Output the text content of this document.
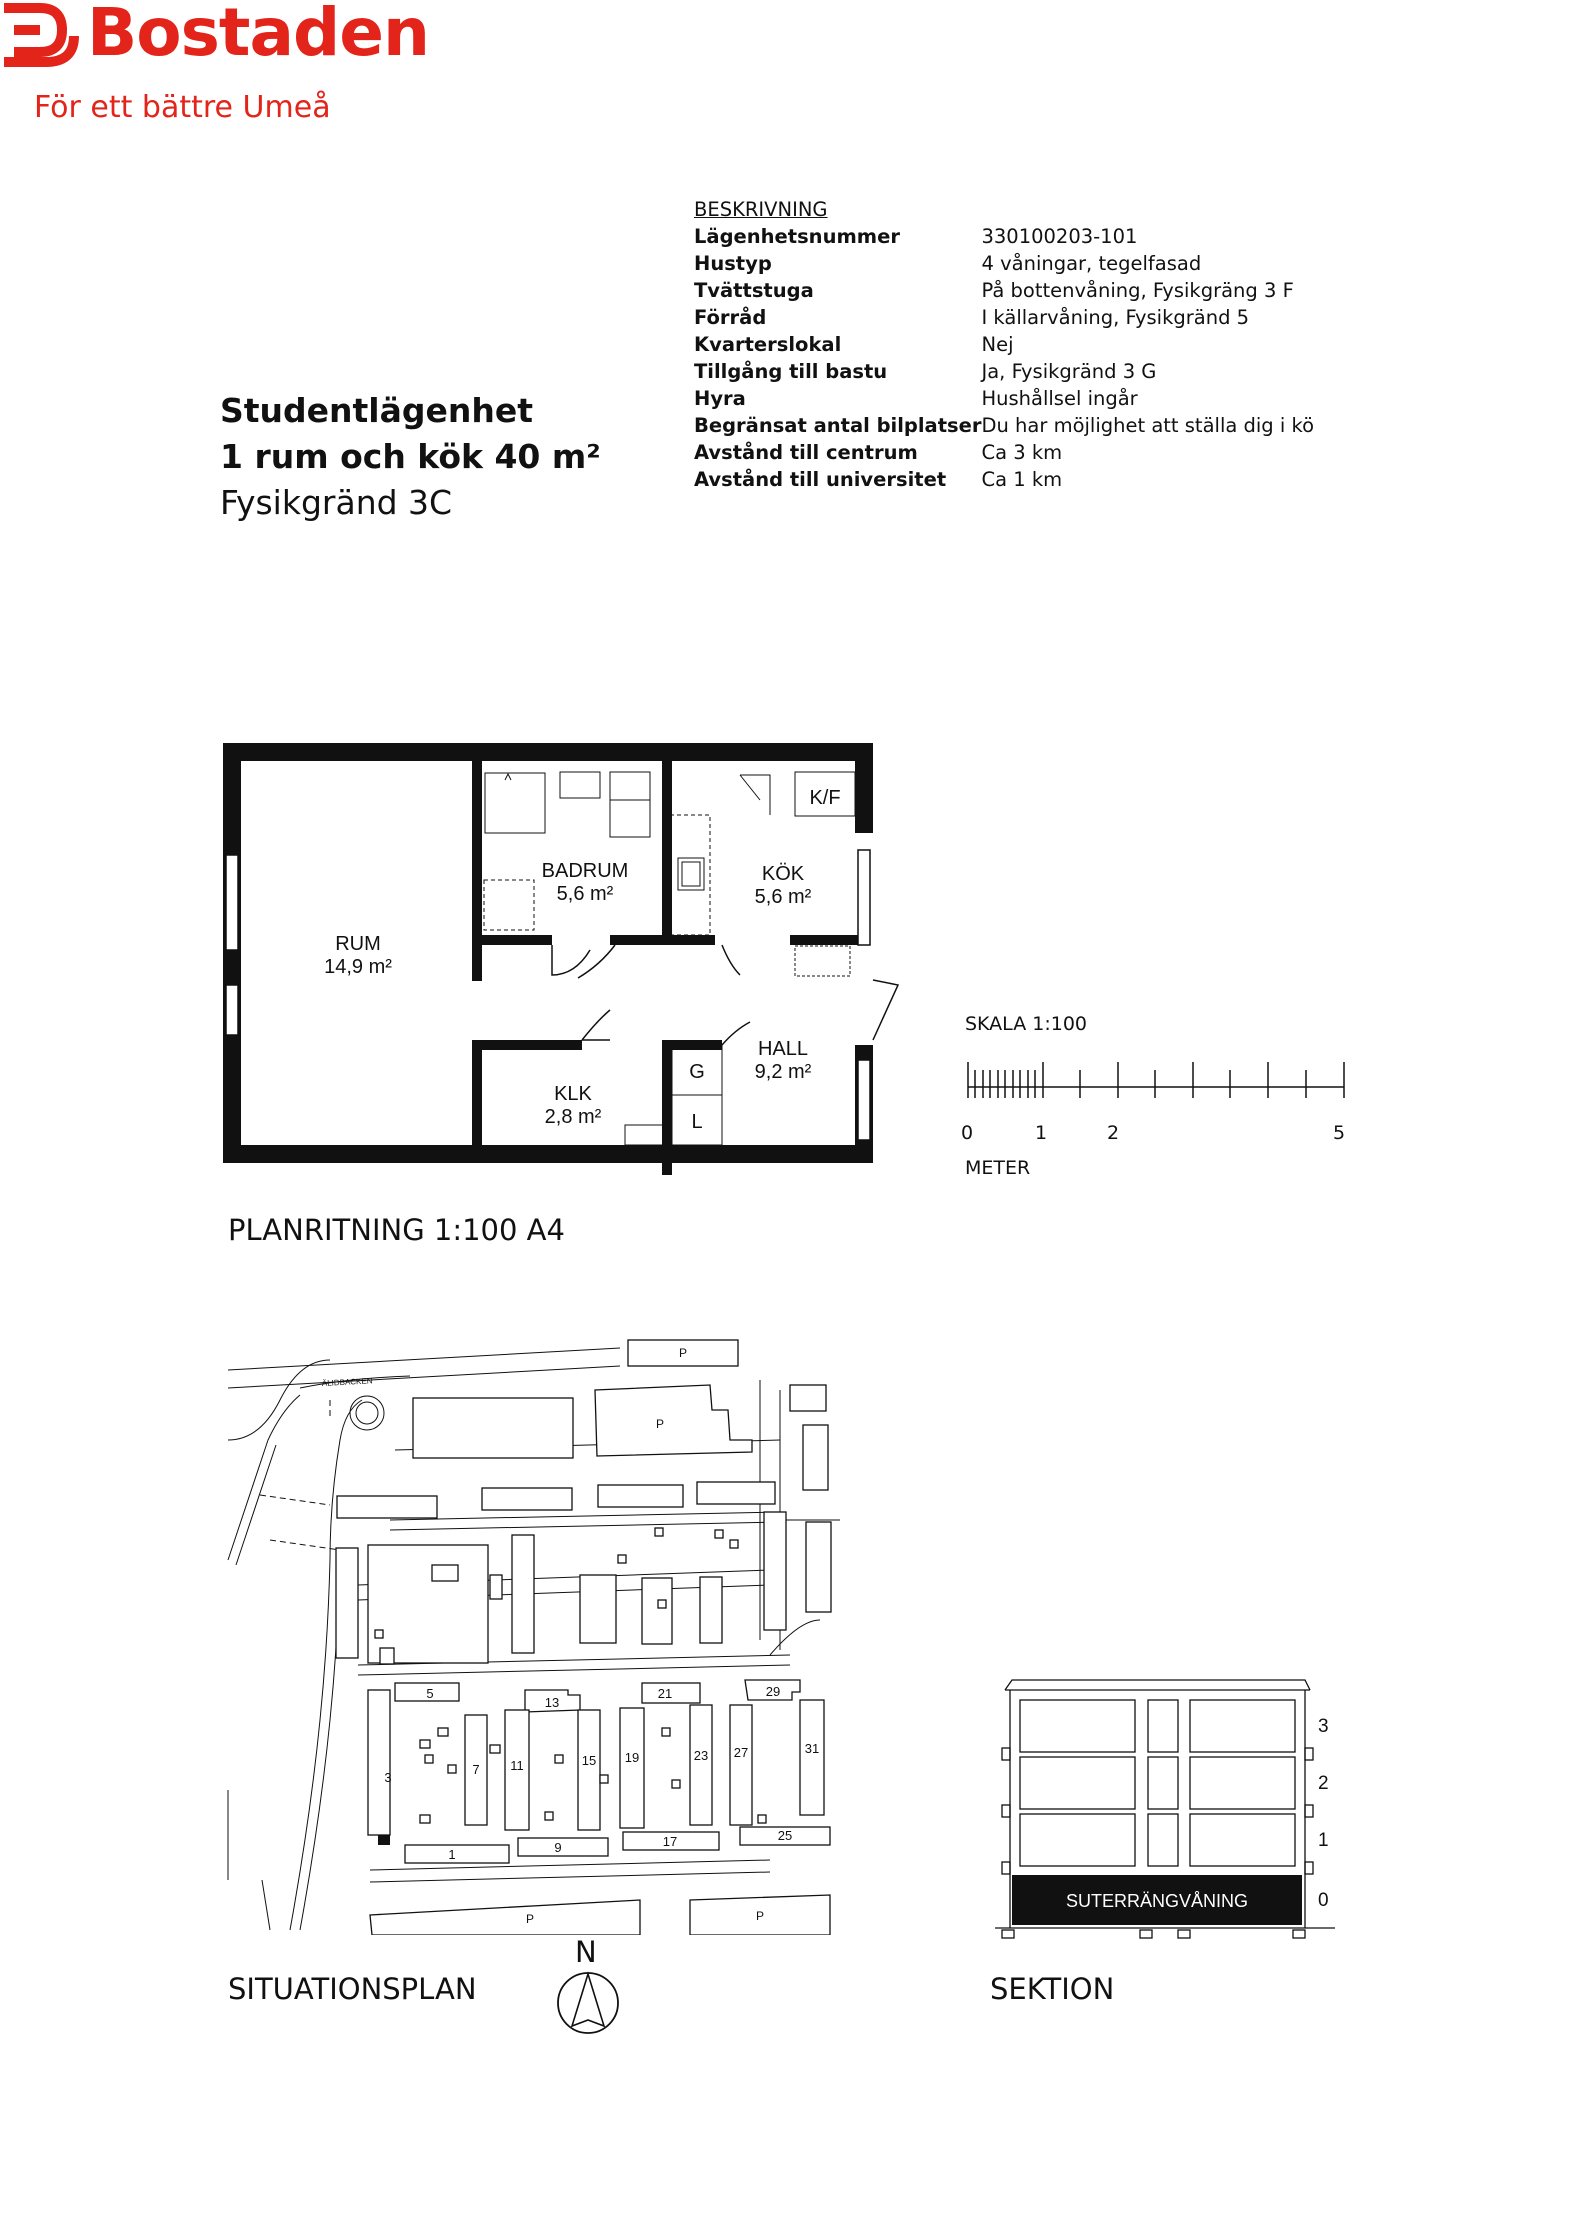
Bostaden
För ett bättre Umeå
Studentlägenhet
1 rum och kök 40 m²
Fysikgränd 3C
BESKRIVNING
Lägenhetsnummer	330100203-101
Hustyp	4 våningar, tegelfasad
Tvättstuga	På bottenvåning, Fysikgräng 3 F
Förråd	I källarvåning, Fysikgränd 5
Kvarterslokal	Nej
Tillgång till bastu	Ja, Fysikgränd 3 G
Hyra	Hushållsel ingår
Begränsat antal bilplatser	Du har möjlighet att ställa dig i kö
Avstånd till centrum	Ca 3 km
Avstånd till universitet	Ca 1 km
RUM
14,9 m²
BADRUM
5,6 m²
KÖK
5,6 m²
HALL
9,2 m²
KLK
2,8 m²
K/F
G
L
PLANRITNING 1:100 A4
SKALA 1:100
0	1	2	5
METER
5
13
21	29
3
7 11	15 19	23 27	31
1	9	17	25
P
P
P	P
ÄLIDBACKEN
N
SITUATIONSPLAN
SUTERRÄNGVÅNING
3
2
1
0
SEKTION
